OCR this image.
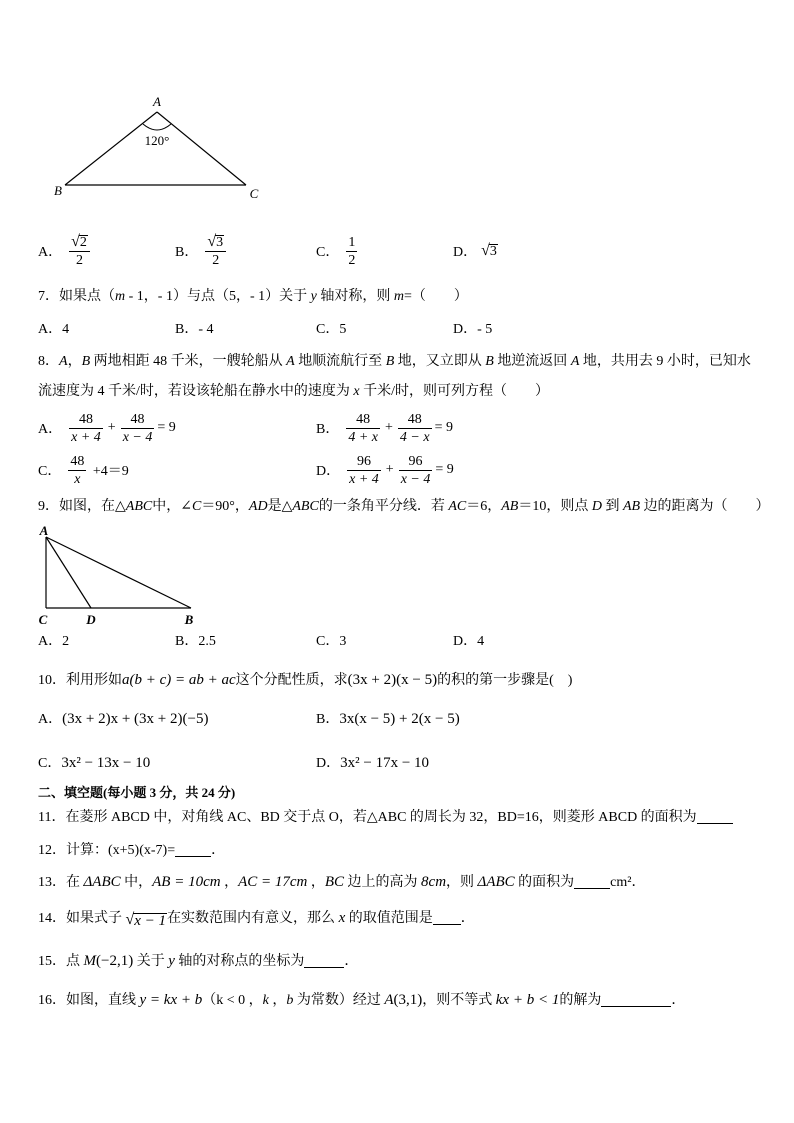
A
B	C
120°
A． $\frac{√ 2}{2}$	B． $\frac{√ 3}{2}$	C． $\frac{1}{2}$	D． √ 3
7．如果点（m - 1，- 1）与点（5，- 1）关于 y 轴对称，则 m=（　　）
A．4	B．- 4	C．5	D．- 5
8．A，B 两地相距 48 千米，一艘轮船从 A 地顺流航行至 B 地，又立即从 B 地逆流返回 A 地，共用去 9 小时，已知水
流速度为 4 千米/时，若设该轮船在静水中的速度为 x 千米/时，则可列方程（　　）
A． $\frac{48}{x + 4} + \frac{48}{x - 4} = 9$	B． $\frac{48}{4 + x} + \frac{48}{4 - x} = 9$
C． $\frac{48}{x} +4=9$	D． $\frac{96}{x + 4} + \frac{96}{x - 4} = 9$
9．如图，在△ABC中，∠C＝90°，AD是△ABC的一条角平分线．若 AC＝6，AB＝10，则点 D 到 AB 边的距离为（　　）
A
C	D	B
A．2	B．2.5	C．3	D．4
10．利用形如a(b + c) = ab + ac这个分配性质，求(3x + 2)(x − 5)的积的第一步骤是(　)
A．(3x + 2)x + (3x + 2)(−5)	B．3x(x − 5) + 2(x − 5)
C．3x² − 13x − 10	D．3x² − 17x − 10
二、填空题(每小题 3 分，共 24 分)
11．在菱形 ABCD 中，对角线 AC、BD 交于点 O，若△ABC 的周长为 32，BD=16，则菱形 ABCD 的面积为
12．计算：(x+5)(x-7)=	．
13．在 ΔABC 中，AB = 10cm ，AC = 17cm ，BC 边上的高为 8cm，则 ΔABC 的面积为	cm²．
14．如果式子 √ x − 1 在实数范围内有意义，那么 x 的取值范围是 ．
15．点 M(−2,1) 关于 y 轴的对称点的坐标为	．
16．如图，直线 y = kx + b（k < 0 ，k ，b 为常数）经过 A(3,1)，则不等式 kx + b < 1的解为	．
